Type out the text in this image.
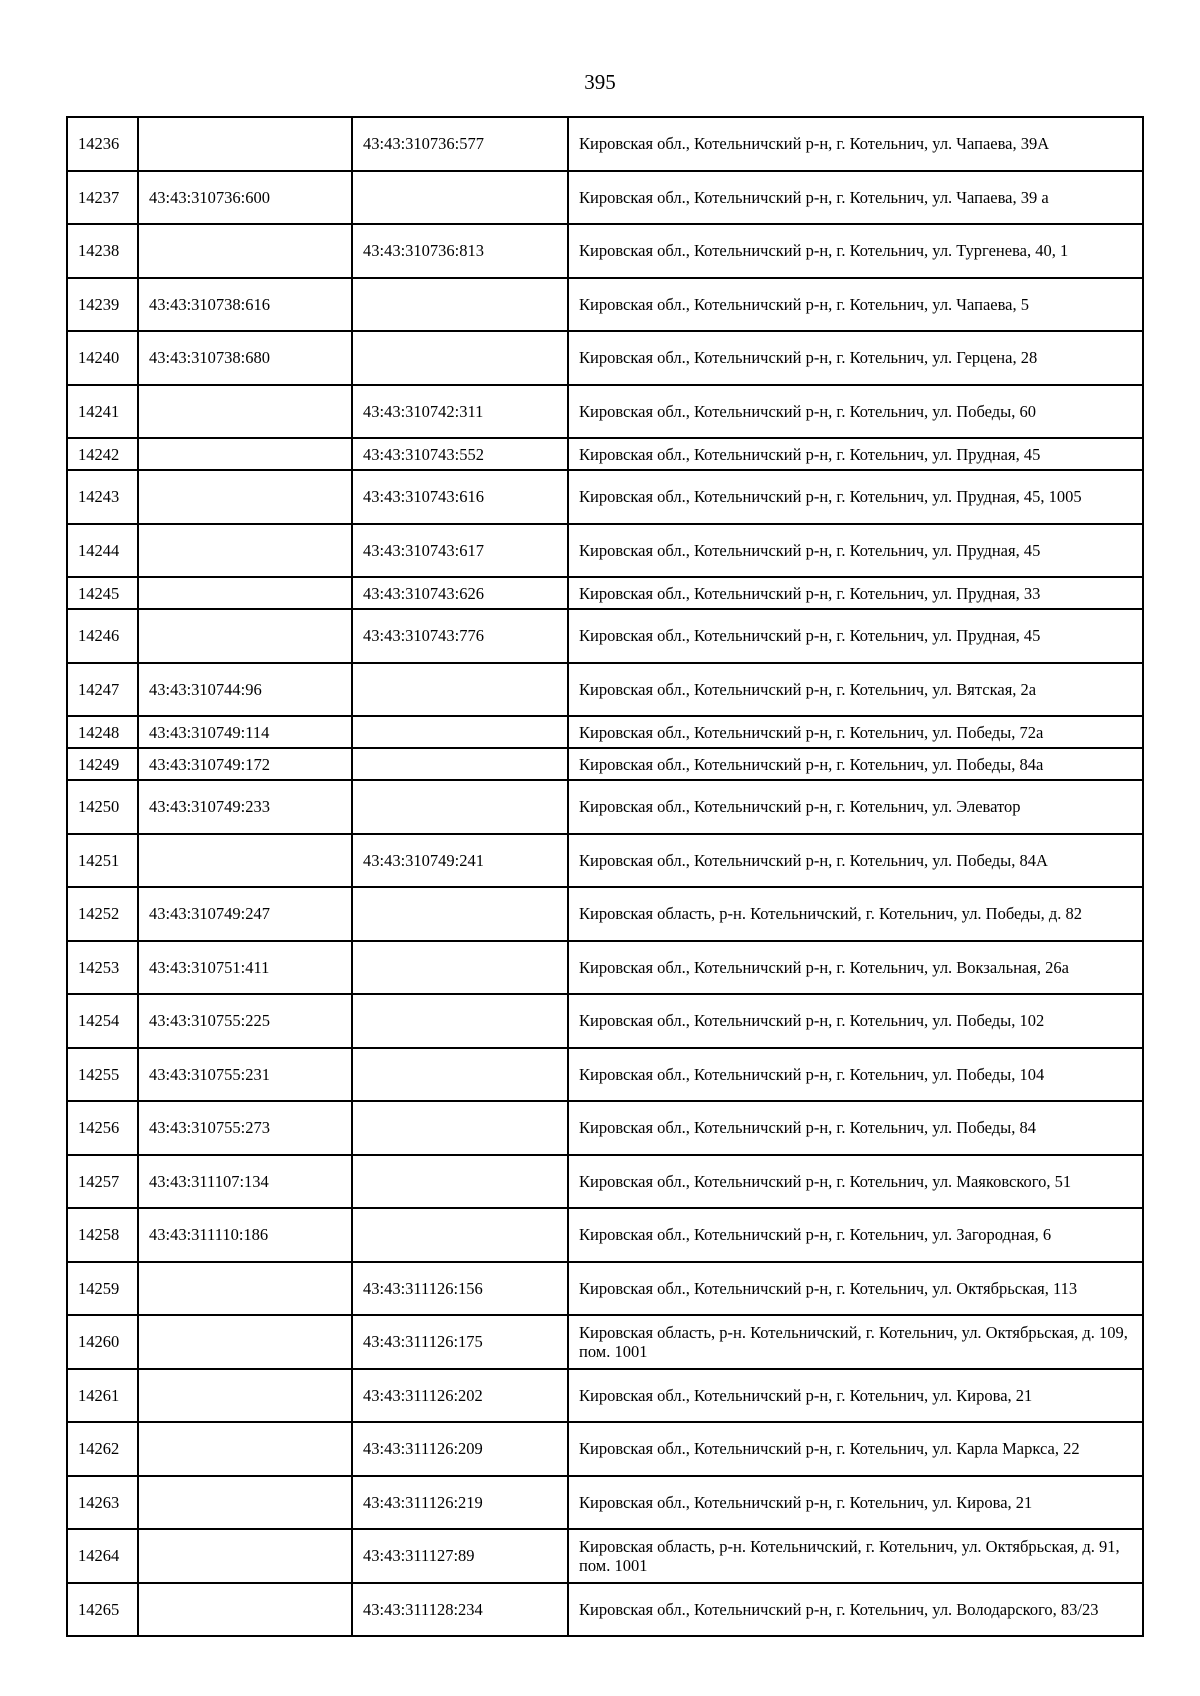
395
14236		43:43:310736:577	Кировская обл., Котельничский р-н, г. Котельнич, ул. Чапаева, 39А
14237	43:43:310736:600		Кировская обл., Котельничский р-н, г. Котельнич, ул. Чапаева, 39 а
14238		43:43:310736:813	Кировская обл., Котельничский р-н, г. Котельнич, ул. Тургенева, 40, 1
14239	43:43:310738:616		Кировская обл., Котельничский р-н, г. Котельнич, ул. Чапаева, 5
14240	43:43:310738:680		Кировская обл., Котельничский р-н, г. Котельнич, ул. Герцена, 28
14241		43:43:310742:311	Кировская обл., Котельничский р-н, г. Котельнич, ул. Победы, 60
14242		43:43:310743:552	Кировская обл., Котельничский р-н, г. Котельнич, ул. Прудная, 45
14243		43:43:310743:616	Кировская обл., Котельничский р-н, г. Котельнич, ул. Прудная, 45, 1005
14244		43:43:310743:617	Кировская обл., Котельничский р-н, г. Котельнич, ул. Прудная, 45
14245		43:43:310743:626	Кировская обл., Котельничский р-н, г. Котельнич, ул. Прудная, 33
14246		43:43:310743:776	Кировская обл., Котельничский р-н, г. Котельнич, ул. Прудная, 45
14247	43:43:310744:96		Кировская обл., Котельничский р-н, г. Котельнич, ул. Вятская, 2а
14248	43:43:310749:114		Кировская обл., Котельничский р-н, г. Котельнич, ул. Победы, 72а
14249	43:43:310749:172		Кировская обл., Котельничский р-н, г. Котельнич, ул. Победы, 84а
14250	43:43:310749:233		Кировская обл., Котельничский р-н, г. Котельнич, ул. Элеватор
14251		43:43:310749:241	Кировская обл., Котельничский р-н, г. Котельнич, ул. Победы, 84А
14252	43:43:310749:247		Кировская область, р-н. Котельничский, г. Котельнич, ул. Победы, д. 82
14253	43:43:310751:411		Кировская обл., Котельничский р-н, г. Котельнич, ул. Вокзальная, 26а
14254	43:43:310755:225		Кировская обл., Котельничский р-н, г. Котельнич, ул. Победы, 102
14255	43:43:310755:231		Кировская обл., Котельничский р-н, г. Котельнич, ул. Победы, 104
14256	43:43:310755:273		Кировская обл., Котельничский р-н, г. Котельнич, ул. Победы, 84
14257	43:43:311107:134		Кировская обл., Котельничский р-н, г. Котельнич, ул. Маяковского, 51
14258	43:43:311110:186		Кировская обл., Котельничский р-н, г. Котельнич, ул. Загородная, 6
14259		43:43:311126:156	Кировская обл., Котельничский р-н, г. Котельнич, ул. Октябрьская, 113
14260		43:43:311126:175	Кировская область, р-н. Котельничский, г. Котельнич, ул. Октябрьская, д. 109, пом. 1001
14261		43:43:311126:202	Кировская обл., Котельничский р-н, г. Котельнич, ул. Кирова, 21
14262		43:43:311126:209	Кировская обл., Котельничский р-н, г. Котельнич, ул. Карла Маркса, 22
14263		43:43:311126:219	Кировская обл., Котельничский р-н, г. Котельнич, ул. Кирова, 21
14264		43:43:311127:89	Кировская область, р-н. Котельничский, г. Котельнич, ул. Октябрьская, д. 91, пом. 1001
14265		43:43:311128:234	Кировская обл., Котельничский р-н, г. Котельнич, ул. Володарского, 83/23
